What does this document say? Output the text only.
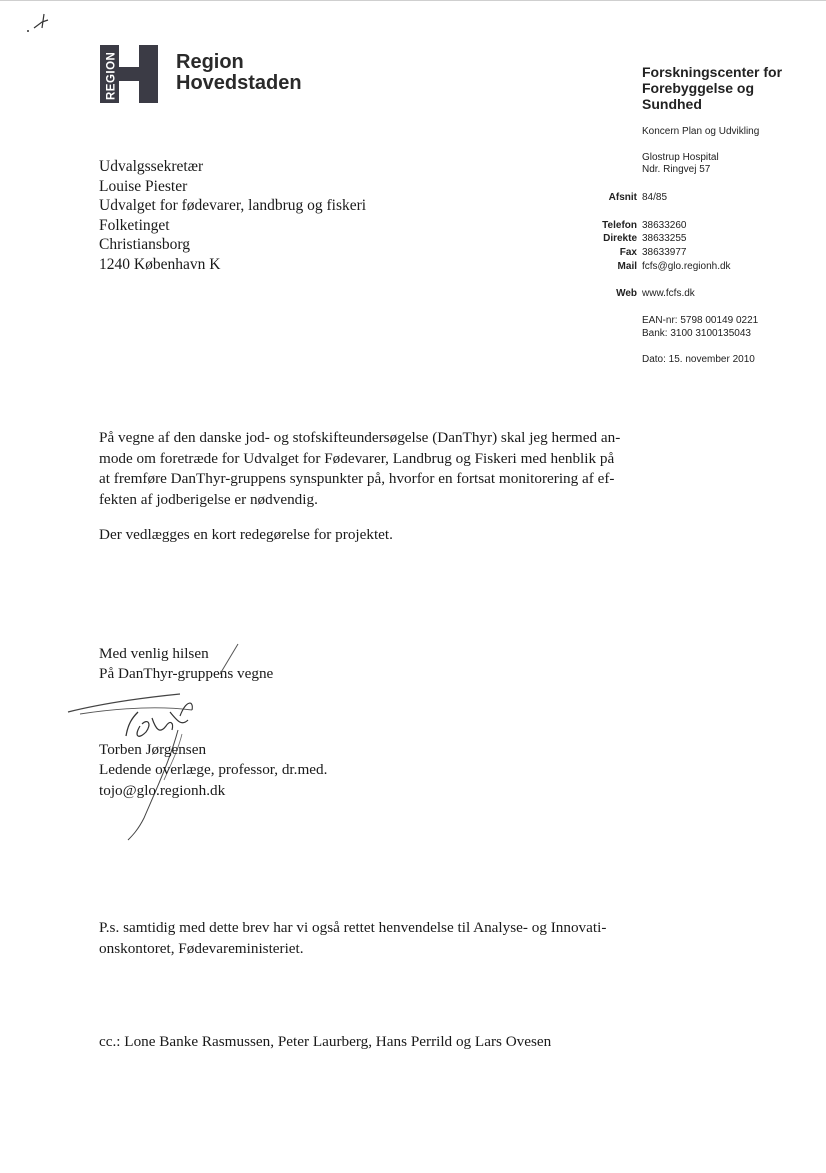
REGION	Region
Hovedstaden	Forskningscenter for
Forebyggelse og
Sundhed
Koncern Plan og Udvikling
Glostrup Hospital
Ndr. Ringvej 57
Afsnit 84/85
Telefon 38633260
Direkte 38633255
Fax 38633977
Mail fcfs@glo.regionh.dk
Web www.fcfs.dk
EAN-nr: 5798 00149 0221
Bank: 3100 3100135043
Dato: 15. november 2010
Udvalgssekretær
Louise Piester
Udvalget for fødevarer, landbrug og fiskeri
Folketinget
Christiansborg
1240 København K
På vegne af den danske jod- og stofskifteundersøgelse (DanThyr) skal jeg hermed an-
mode om foretræde for Udvalget for Fødevarer, Landbrug og Fiskeri med henblik på
at fremføre DanThyr-gruppens synspunkter på, hvorfor en fortsat monitorering af ef-
fekten af jodberigelse er nødvendig.
Der vedlægges en kort redegørelse for projektet.
Med venlig hilsen
På DanThyr-gruppens vegne
Torben Jørgensen
Ledende overlæge, professor, dr.med.
tojo@glo.regionh.dk
P.s. samtidig med dette brev har vi også rettet henvendelse til Analyse- og Innovati-
onskontoret, Fødevareministeriet.
cc.: Lone Banke Rasmussen, Peter Laurberg, Hans Perrild og Lars Ovesen
